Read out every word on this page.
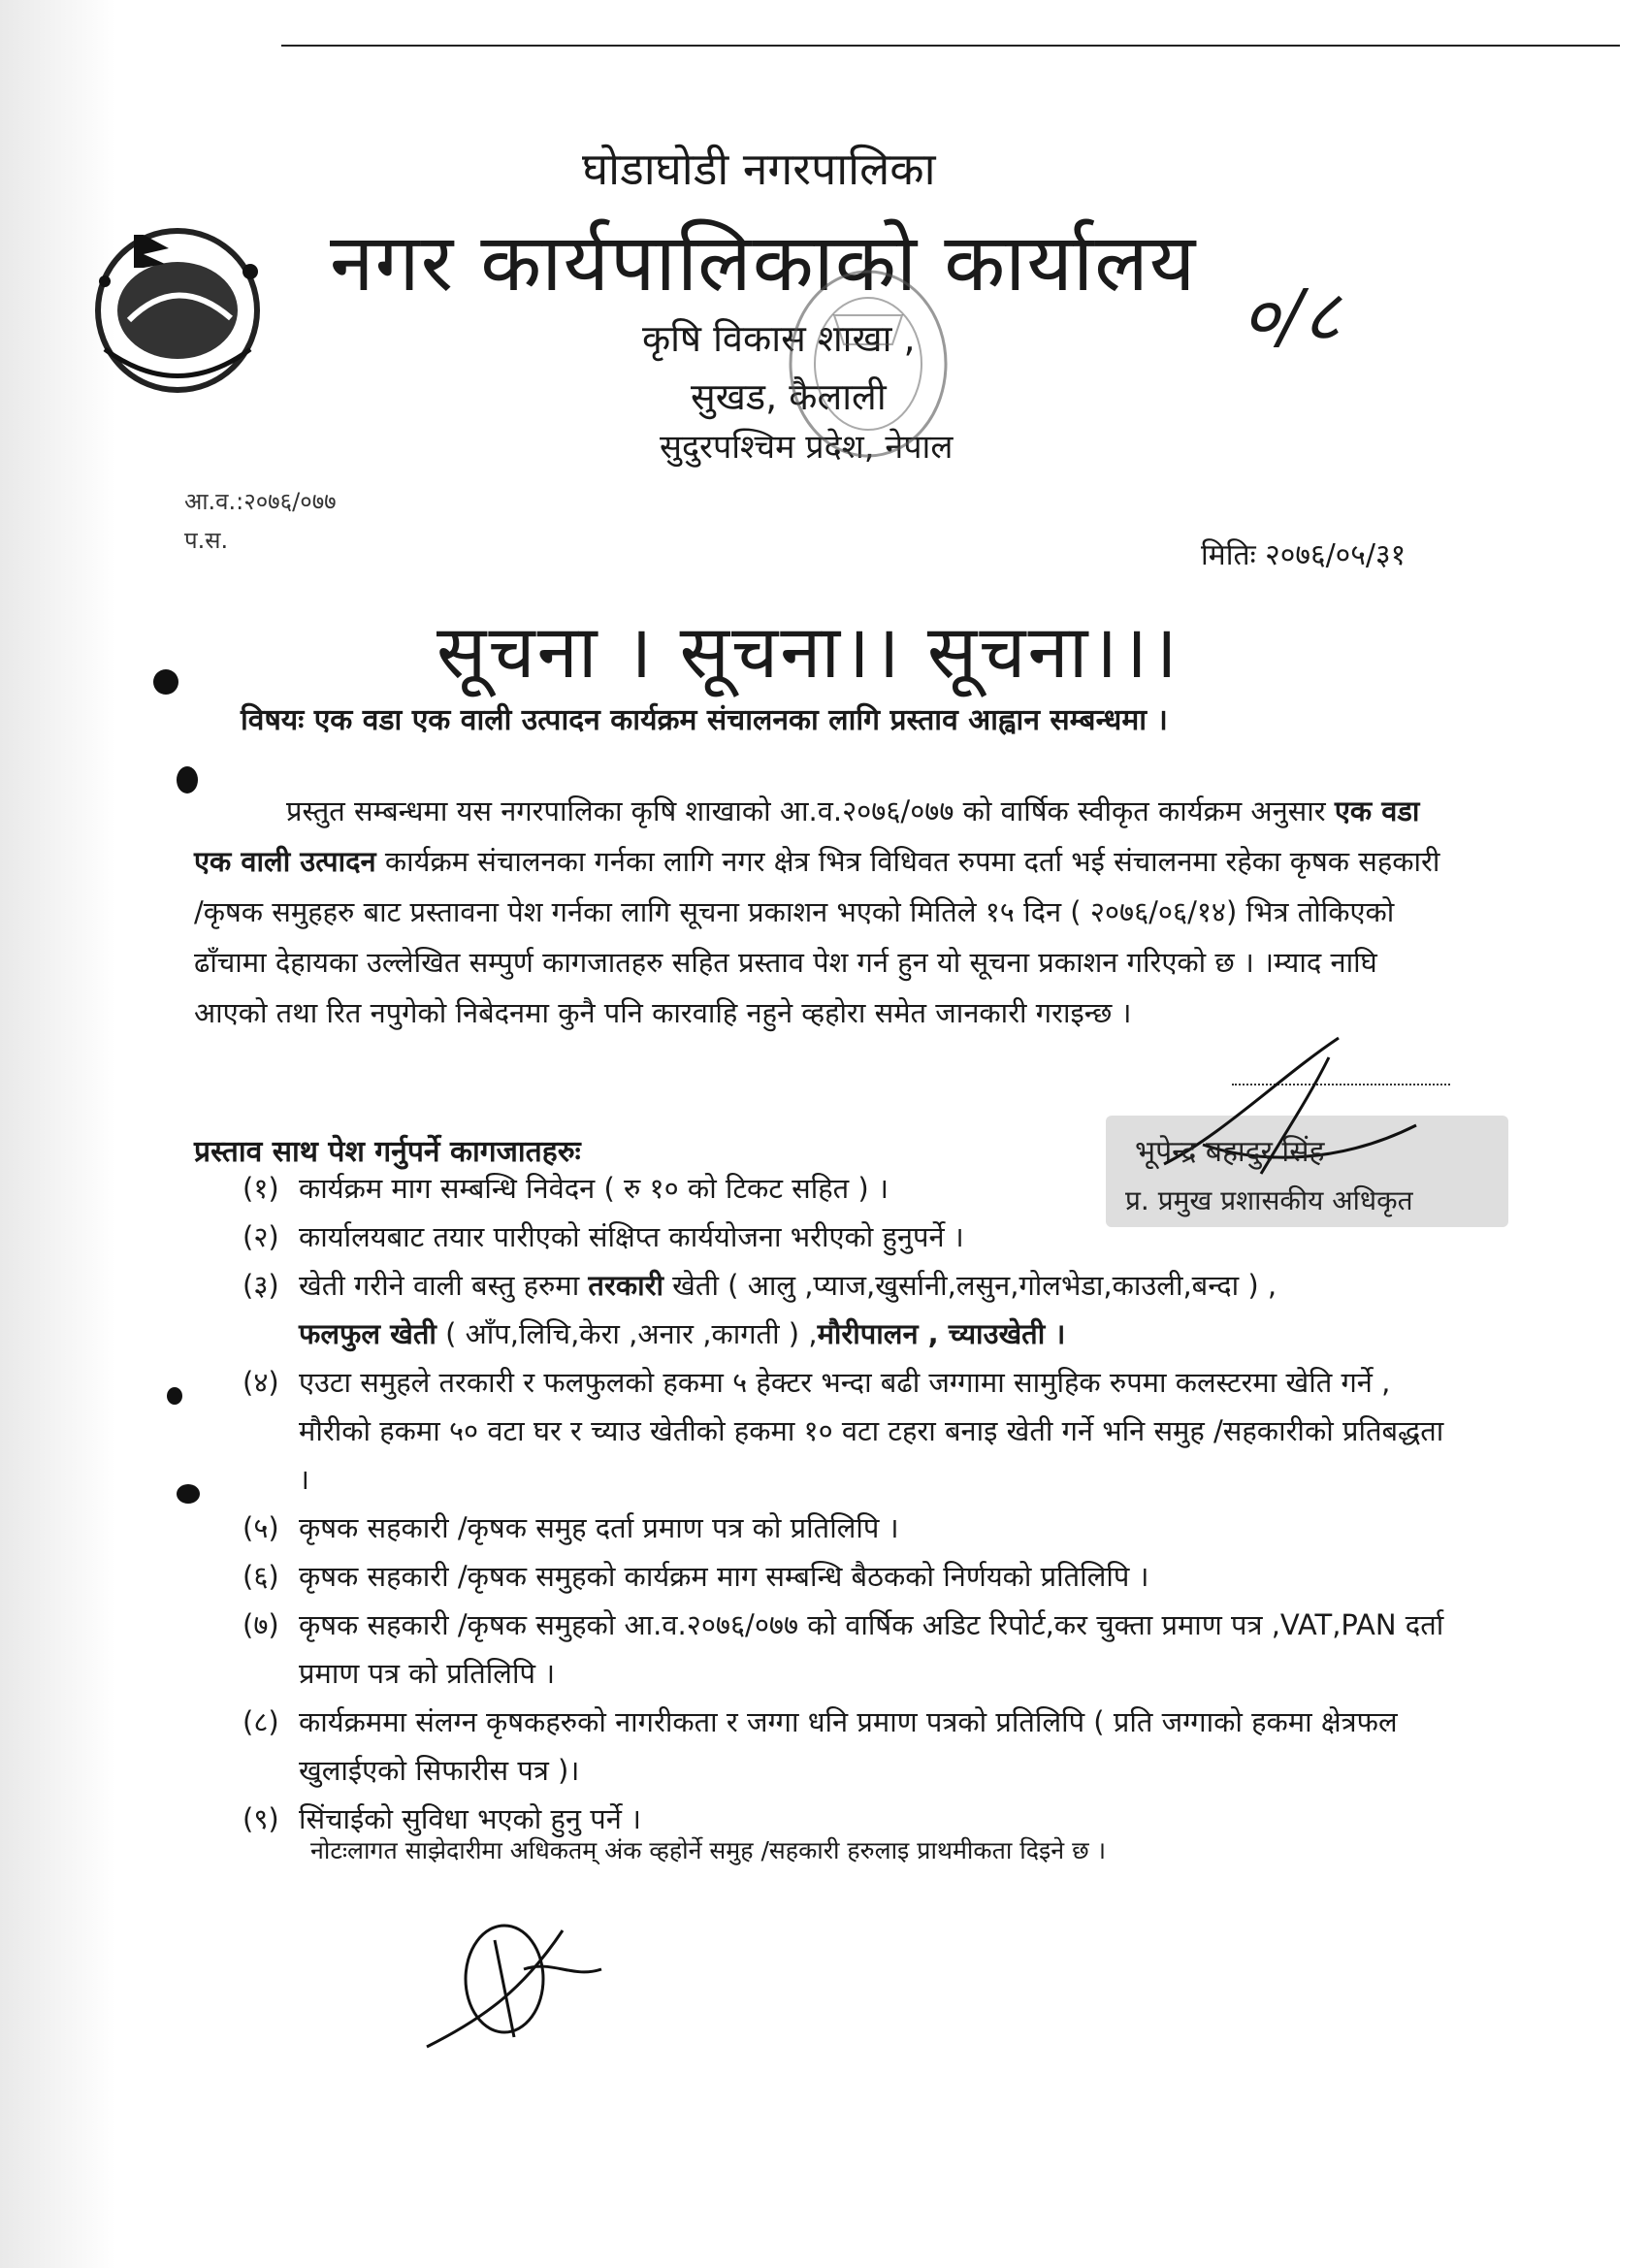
घोडाघोडी नगरपालिका
नगर कार्यपालिकाको कार्यालय
कृषि विकास शाखा ,
सुखड, कैलाली
सुदुरपश्चिम प्रदेश, नेपाल
०/८
आ.व.:२०७६/०७७
प.स.	मितिः २०७६/०५/३१
सूचना । सूचना।। सूचना।।।
विषयः एक वडा एक वाली उत्पादन कार्यक्रम संचालनका लागि प्रस्ताव आह्वान सम्बन्धमा ।

प्रस्तुत सम्बन्धमा यस नगरपालिका कृषि शाखाको आ.व.२०७६/०७७ को वार्षिक स्वीकृत कार्यक्रम अनुसार एक वडा एक वाली उत्पादन कार्यक्रम संचालनका गर्नका लागि नगर क्षेत्र भित्र विधिवत रुपमा दर्ता भई संचालनमा रहेका कृषक सहकारी /कृषक समुहहरु बाट प्रस्तावना पेश गर्नका लागि सूचना प्रकाशन भएको मितिले १५ दिन ( २०७६/०६/१४) भित्र तोकिएको ढाँचामा देहायका उल्लेखित सम्पुर्ण कागजातहरु सहित प्रस्ताव पेश गर्न हुन यो सूचना प्रकाशन गरिएको छ । ।म्याद नाघि आएको तथा रित नपुगेको निबेदनमा कुनै पनि कारवाहि नहुने व्हहोरा समेत जानकारी गराइन्छ ।

भूपेन्द्र बहादुर सिंह
प्र. प्रमुख प्रशासकीय अधिकृत
प्रस्ताव साथ पेश गर्नुपर्ने कागजातहरुः
(१) कार्यक्रम माग सम्बन्धि निवेदन ( रु १० को टिकट सहित ) ।
(२) कार्यालयबाट तयार पारीएको संक्षिप्त कार्ययोजना भरीएको हुनुपर्ने ।
(३) खेती गरीने वाली बस्तु हरुमा तरकारी खेती ( आलु ,प्याज,खुर्सानी,लसुन,गोलभेडा,काउली,बन्दा ) ,
फलफुल खेती ( आँप,लिचि,केरा ,अनार ,कागती ) ,मौरीपालन , च्याउखेती ।
(४) एउटा समुहले तरकारी र फलफुलको हकमा ५ हेक्टर भन्दा बढी जग्गामा सामुहिक रुपमा कलस्टरमा खेति गर्ने , मौरीको हकमा ५० वटा घर र च्याउ खेतीको हकमा १० वटा टहरा बनाइ खेती गर्ने भनि समुह /सहकारीको प्रतिबद्धता ।
(५) कृषक सहकारी /कृषक समुह दर्ता प्रमाण पत्र को प्रतिलिपि ।
(६) कृषक सहकारी /कृषक समुहको कार्यक्रम माग सम्बन्धि बैठकको निर्णयको प्रतिलिपि ।
(७) कृषक सहकारी /कृषक समुहको आ.व.२०७६/०७७ को वार्षिक अडिट रिपोर्ट,कर चुक्ता प्रमाण पत्र ,VAT,PAN दर्ता प्रमाण पत्र को प्रतिलिपि ।
(८) कार्यक्रममा संलग्न कृषकहरुको नागरीकता र जग्गा धनि प्रमाण पत्रको प्रतिलिपि ( प्रति जग्गाको हकमा क्षेत्रफल खुलाईएको सिफारीस पत्र )।
(९) सिंचाईको सुविधा भएको हुनु पर्ने ।
नोटःलागत साझेदारीमा अधिकतम् अंक व्हहोर्ने समुह /सहकारी हरुलाइ प्राथमीकता दिइने छ ।
